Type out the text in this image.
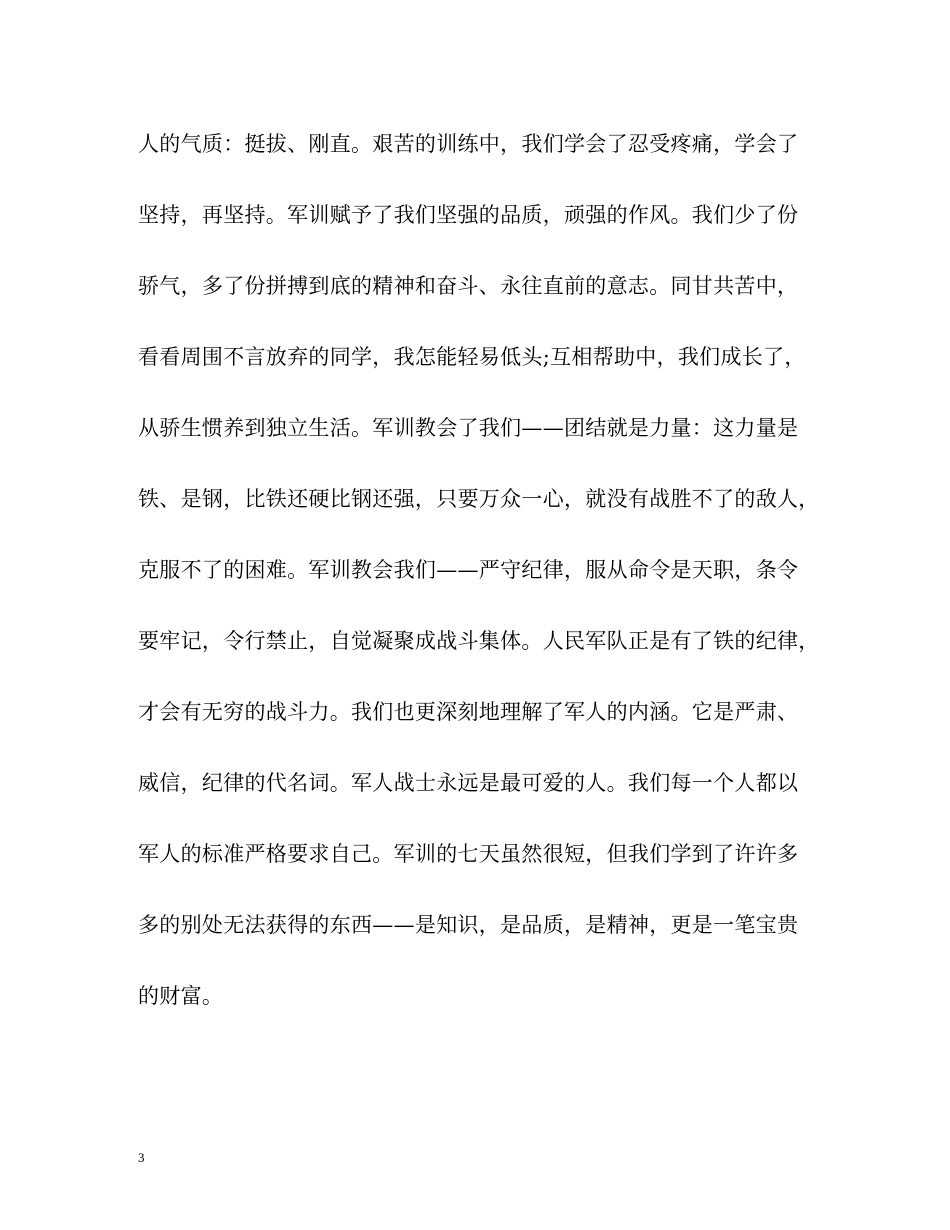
人的气质：挺拔、刚直。艰苦的训练中，我们学会了忍受疼痛，学会了
坚持，再坚持。军训赋予了我们坚强的品质，顽强的作风。我们少了份
骄气，多了份拼搏到底的精神和奋斗、永往直前的意志。同甘共苦中，
看看周围不言放弃的同学，我怎能轻易低头;互相帮助中，我们成长了，
从骄生惯养到独立生活。军训教会了我们——团结就是力量：这力量是
铁、是钢，比铁还硬比钢还强，只要万众一心，就没有战胜不了的敌人，
克服不了的困难。军训教会我们——严守纪律，服从命令是天职，条令
要牢记，令行禁止，自觉凝聚成战斗集体。人民军队正是有了铁的纪律，
才会有无穷的战斗力。我们也更深刻地理解了军人的内涵。它是严肃、
威信，纪律的代名词。军人战士永远是最可爱的人。我们每一个人都以
军人的标准严格要求自己。军训的七天虽然很短，但我们学到了许许多
多的别处无法获得的东西——是知识，是品质，是精神，更是一笔宝贵
的财富。
3
